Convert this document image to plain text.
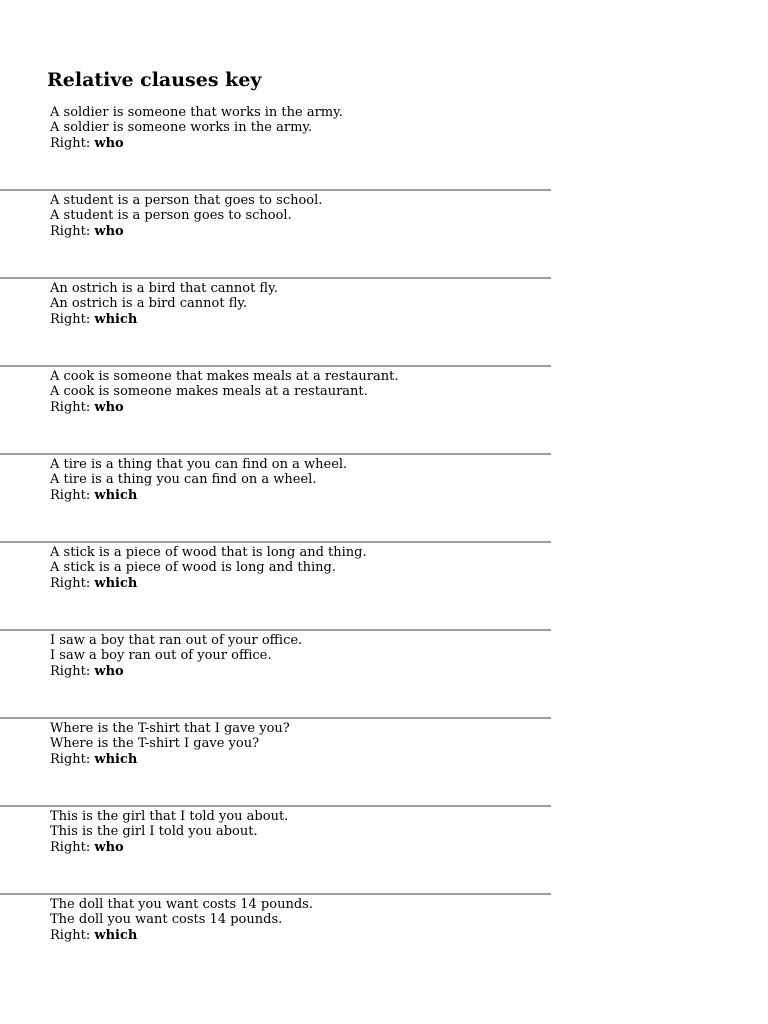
Relative clauses key
A soldier is someone that works in the army.
A soldier is someone works in the army.
Right: who
A student is a person that goes to school.
A student is a person goes to school.
Right: who
An ostrich is a bird that cannot fly.
An ostrich is a bird cannot fly.
Right: which
A cook is someone that makes meals at a restaurant.
A cook is someone makes meals at a restaurant.
Right: who
A tire is a thing that you can find on a wheel.
A tire is a thing you can find on a wheel.
Right: which
A stick is a piece of wood that is long and thing.
A stick is a piece of wood is long and thing.
Right: which
I saw a boy that ran out of your office.
I saw a boy ran out of your office.
Right: who
Where is the T-shirt that I gave you?
Where is the T-shirt I gave you?
Right: which
This is the girl that I told you about.
This is the girl I told you about.
Right: who
The doll that you want costs 14 pounds.
The doll you want costs 14 pounds.
Right: which
